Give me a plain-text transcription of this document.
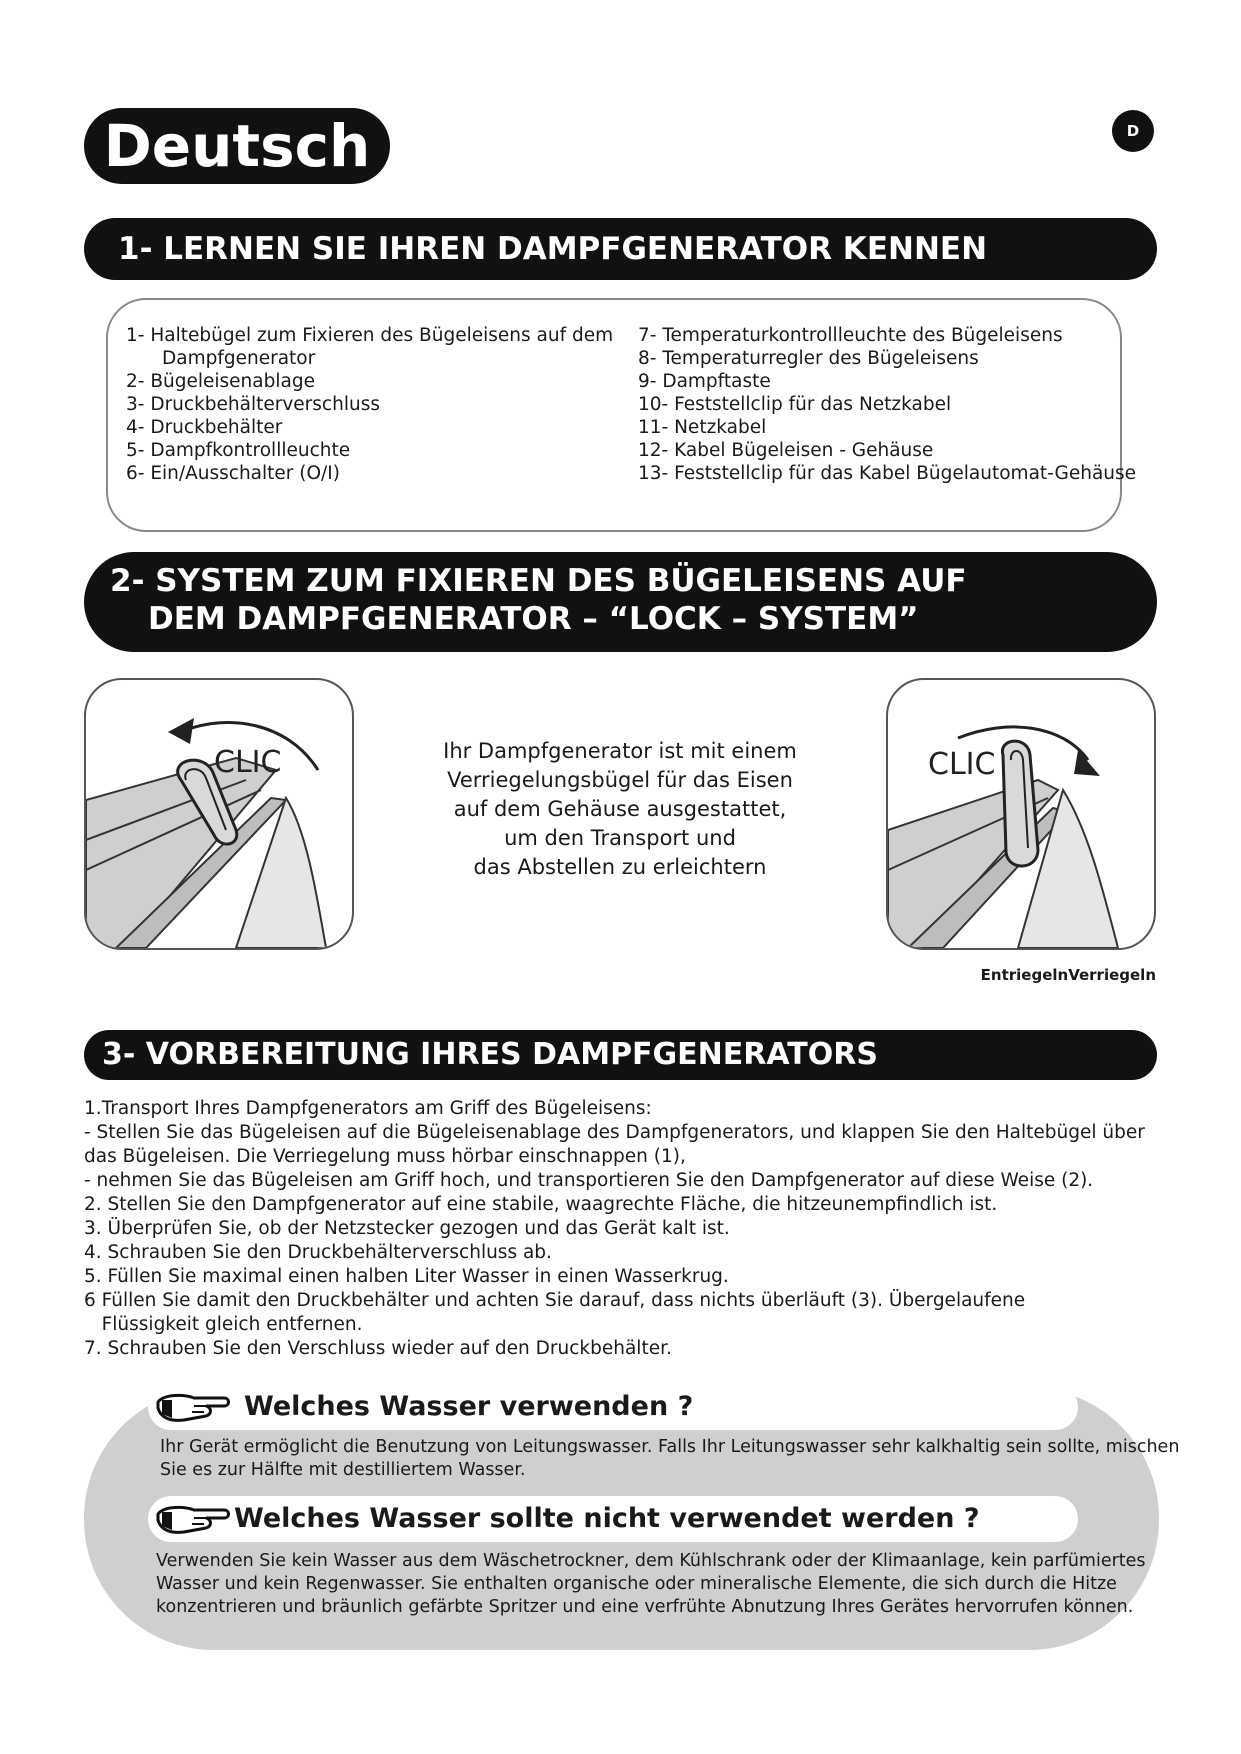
Deutsch	D
1- LERNEN SIE IHREN DAMPFGENERATOR KENNEN
1- Haltebügel zum Fixieren des Bügeleisens auf dem
Dampfgenerator
2- Bügeleisenablage
3- Druckbehälterverschluss
4- Druckbehälter
5- Dampfkontrollleuchte
6- Ein/Ausschalter (O/I)
7- Temperaturkontrollleuchte des Bügeleisens
8- Temperaturregler des Bügeleisens
9- Dampftaste
10- Feststellclip für das Netzkabel
11- Netzkabel
12- Kabel Bügeleisen - Gehäuse
13- Feststellclip für das Kabel Bügelautomat-Gehäuse
2- SYSTEM ZUM FIXIEREN DES BÜGELEISENS AUF
DEM DAMPFGENERATOR – “LOCK – SYSTEM”
CLIC	Ihr Dampfgenerator ist mit einem
Verriegelungsbügel für das Eisen
auf dem Gehäuse ausgestattet,
um den Transport und
das Abstellen zu erleichtern
CLIC
EntriegelnVerriegeln
3- VORBEREITUNG IHRES DAMPFGENERATORS
1.Transport Ihres Dampfgenerators am Griff des Bügeleisens:
- Stellen Sie das Bügeleisen auf die Bügeleisenablage des Dampfgenerators, und klappen Sie den Haltebügel über
das Bügeleisen. Die Verriegelung muss hörbar einschnappen (1),
- nehmen Sie das Bügeleisen am Griff hoch, und transportieren Sie den Dampfgenerator auf diese Weise (2).
2. Stellen Sie den Dampfgenerator auf eine stabile, waagrechte Fläche, die hitzeunempfindlich ist.
3. Überprüfen Sie, ob der Netzstecker gezogen und das Gerät kalt ist.
4. Schrauben Sie den Druckbehälterverschluss ab.
5. Füllen Sie maximal einen halben Liter Wasser in einen Wasserkrug.
6 Füllen Sie damit den Druckbehälter und achten Sie darauf, dass nichts überläuft (3). Übergelaufene
Flüssigkeit gleich entfernen.
7. Schrauben Sie den Verschluss wieder auf den Druckbehälter.
Welches Wasser verwenden ?
Ihr Gerät ermöglicht die Benutzung von Leitungswasser. Falls Ihr Leitungswasser sehr kalkhaltig sein sollte, mischen
Sie es zur Hälfte mit destilliertem Wasser.
Welches Wasser sollte nicht verwendet werden ?
Verwenden Sie kein Wasser aus dem Wäschetrockner, dem Kühlschrank oder der Klimaanlage, kein parfümiertes
Wasser und kein Regenwasser. Sie enthalten organische oder mineralische Elemente, die sich durch die Hitze
konzentrieren und bräunlich gefärbte Spritzer und eine verfrühte Abnutzung Ihres Gerätes hervorrufen können.
